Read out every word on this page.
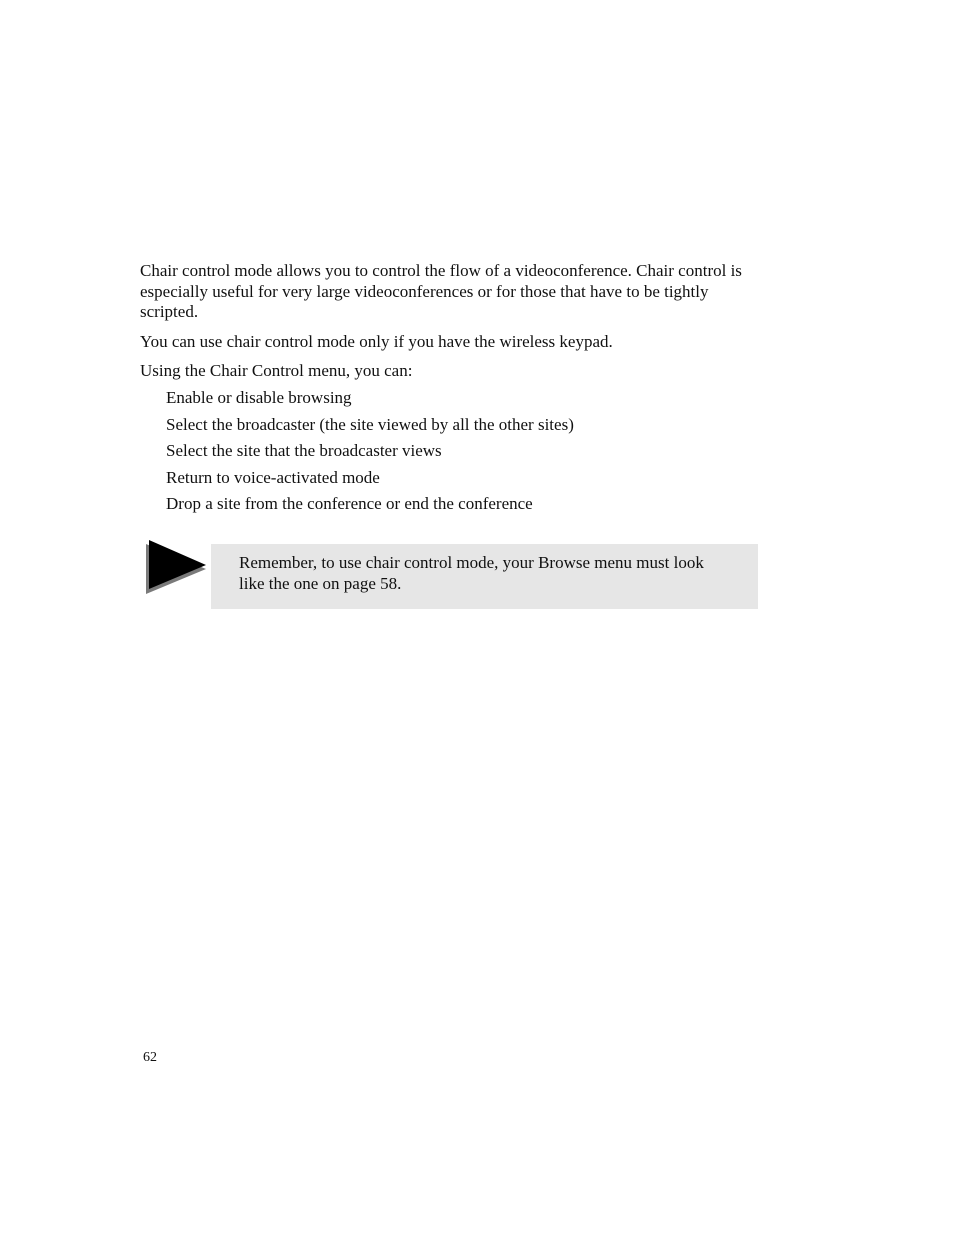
Chair control mode allows you to control the flow of a videoconference. Chair control is especially useful for very large videoconferences or for those that have to be tightly scripted.

You can use chair control mode only if you have the wireless keypad.

Using the Chair Control menu, you can:

Enable or disable browsing
Select the broadcaster (the site viewed by all the other sites)
Select the site that the broadcaster views
Return to voice-activated mode
Drop a site from the conference or end the conference
Remember, to use chair control mode, your Browse menu must look like the one on page 58.
62
